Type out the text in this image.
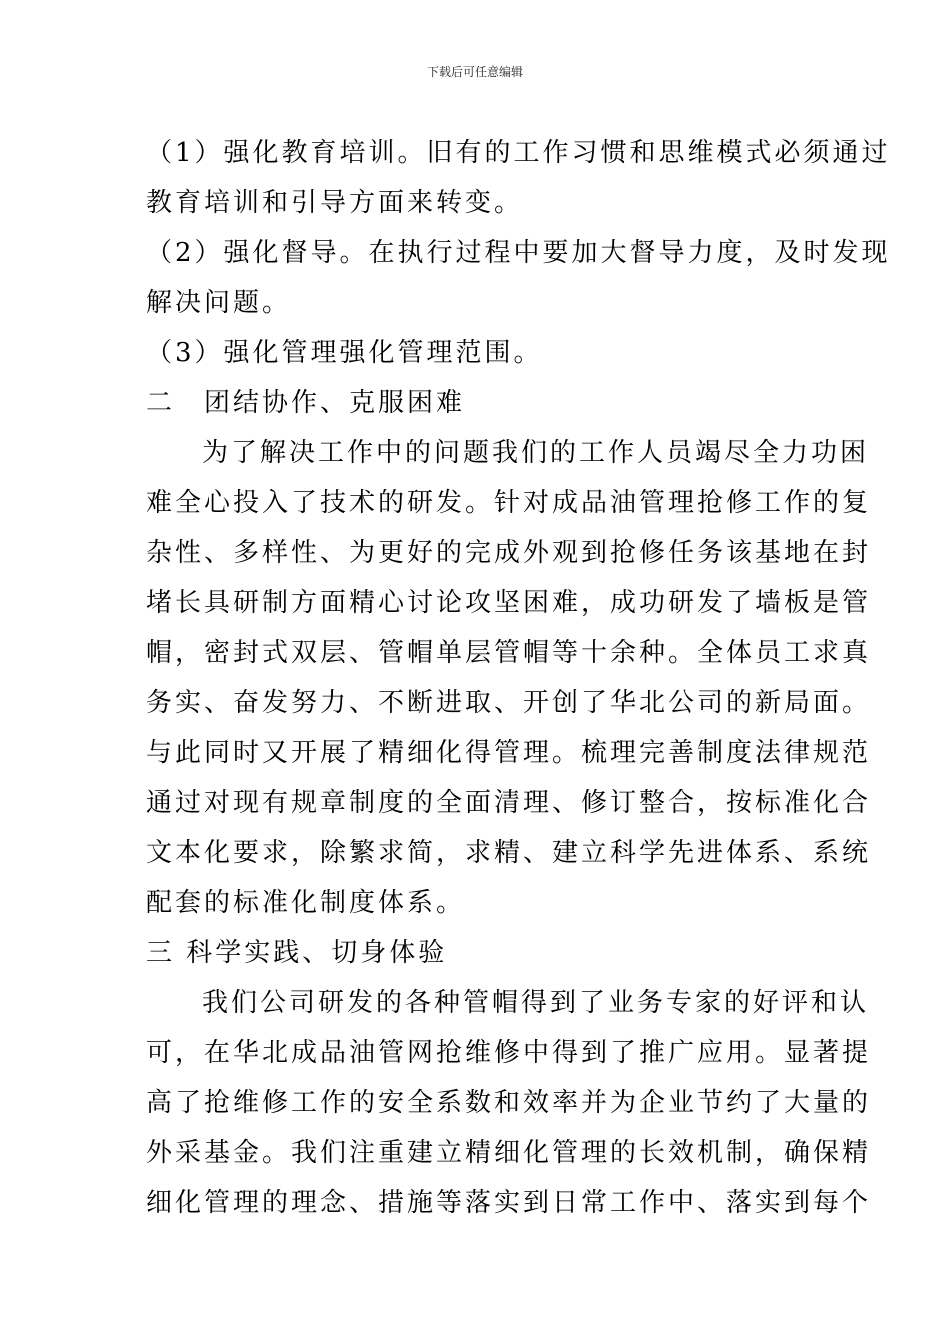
下载后可任意编辑
（1）强化教育培训。旧有的工作习惯和思维模式必须通过
教育培训和引导方面来转变。
（2）强化督导。在执行过程中要加大督导力度，及时发现
解决问题。
（3）强化管理强化管理范围。
二　团结协作、克服困难
为了解决工作中的问题我们的工作人员竭尽全力功困
难全心投入了技术的研发。针对成品油管理抢修工作的复
杂性、多样性、为更好的完成外观到抢修任务该基地在封
堵长具研制方面精心讨论攻坚困难，成功研发了墙板是管
帽，密封式双层、管帽单层管帽等十余种。全体员工求真
务实、奋发努力、不断进取、开创了华北公司的新局面。
与此同时又开展了精细化得管理。梳理完善制度法律规范
通过对现有规章制度的全面清理、修订整合，按标准化合
文本化要求，除繁求简，求精、建立科学先进体系、系统
配套的标准化制度体系。
三 科学实践、切身体验
我们公司研发的各种管帽得到了业务专家的好评和认
可，在华北成品油管网抢维修中得到了推广应用。显著提
高了抢维修工作的安全系数和效率并为企业节约了大量的
外采基金。我们注重建立精细化管理的长效机制，确保精
细化管理的理念、措施等落实到日常工作中、落实到每个
